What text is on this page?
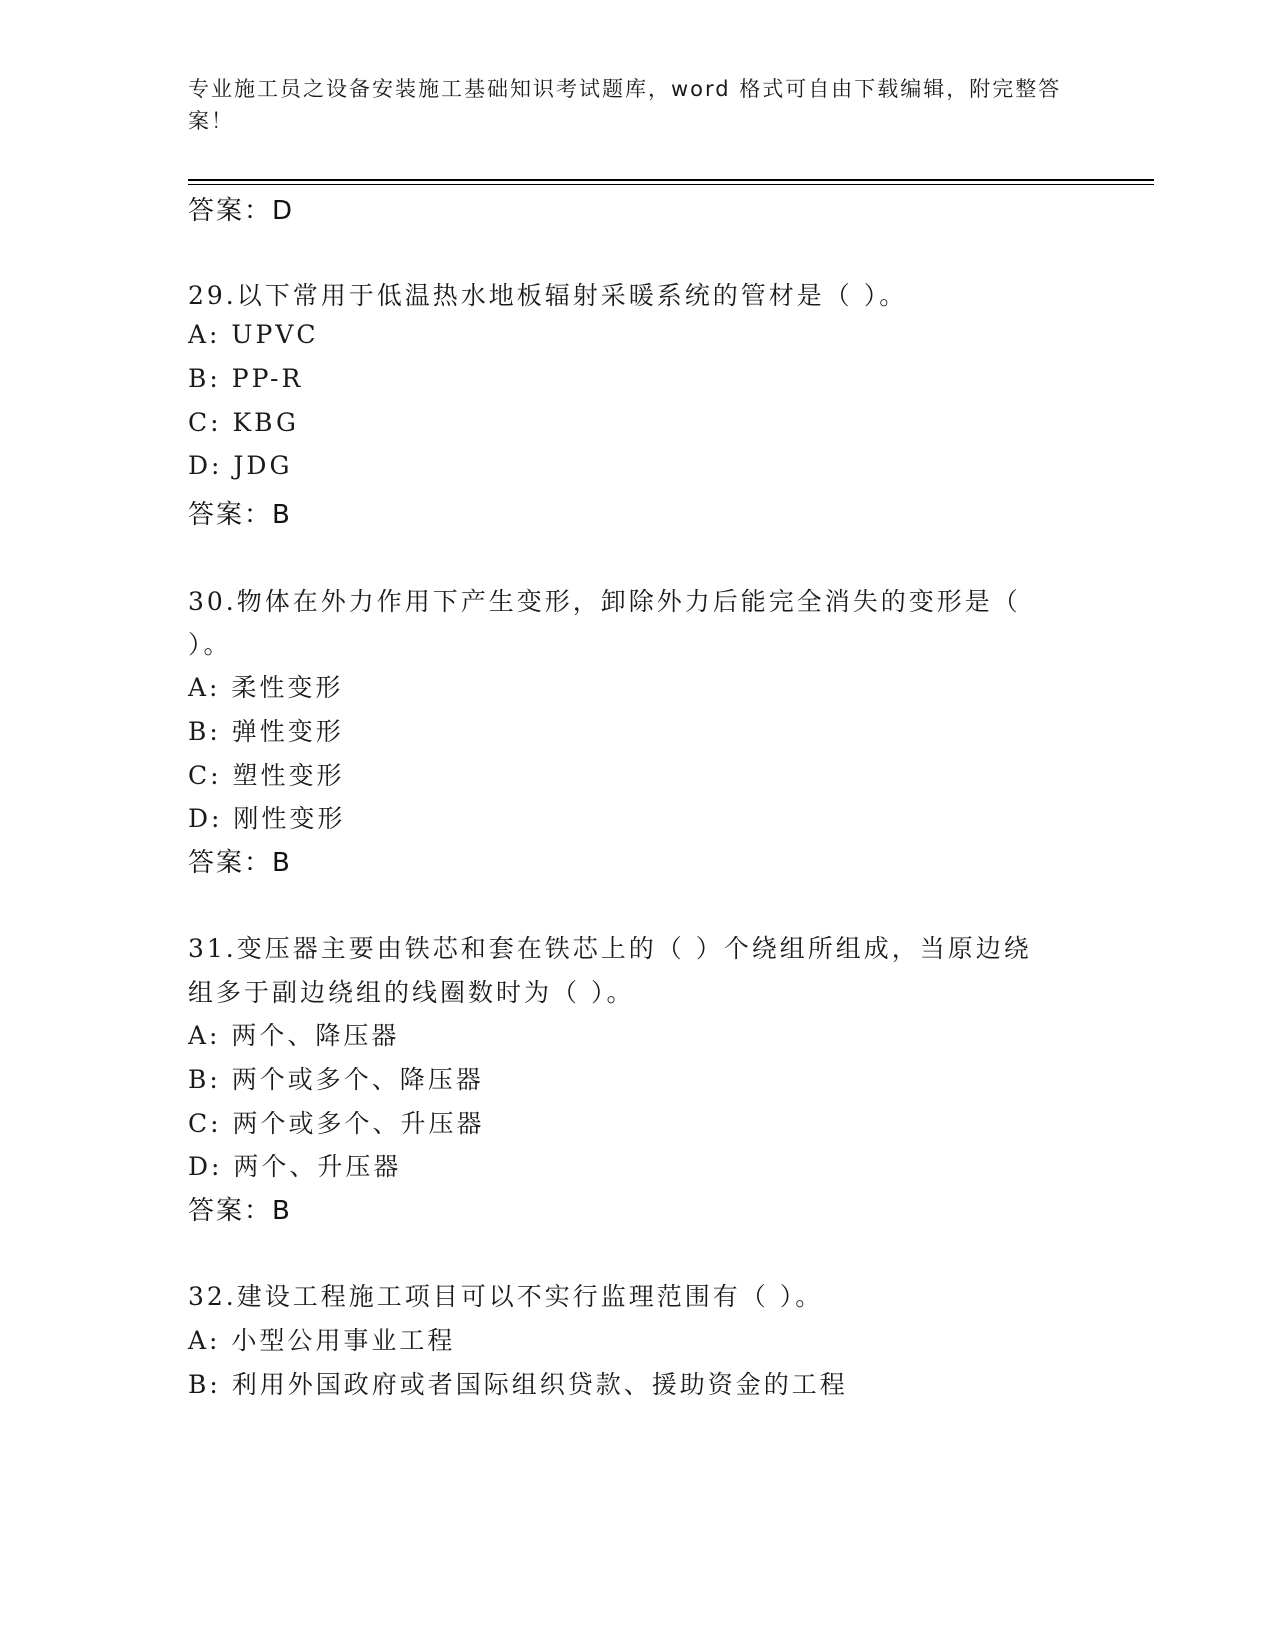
专业施工员之设备安装施工基础知识考试题库，word 格式可自由下载编辑，附完整答案！
答案：D
29.以下常用于低温热水地板辐射采暖系统的管材是（ ）。
A: UPVC
B: PP-R
C: KBG
D: JDG
答案：B
30.物体在外力作用下产生变形，卸除外力后能完全消失的变形是（
）。
A: 柔性变形
B: 弹性变形
C: 塑性变形
D: 刚性变形
答案：B
31.变压器主要由铁芯和套在铁芯上的（ ）个绕组所组成，当原边绕
组多于副边绕组的线圈数时为（ ）。
A: 两个、降压器
B: 两个或多个、降压器
C: 两个或多个、升压器
D: 两个、升压器
答案：B
32.建设工程施工项目可以不实行监理范围有（ ）。
A: 小型公用事业工程
B: 利用外国政府或者国际组织贷款、援助资金的工程
